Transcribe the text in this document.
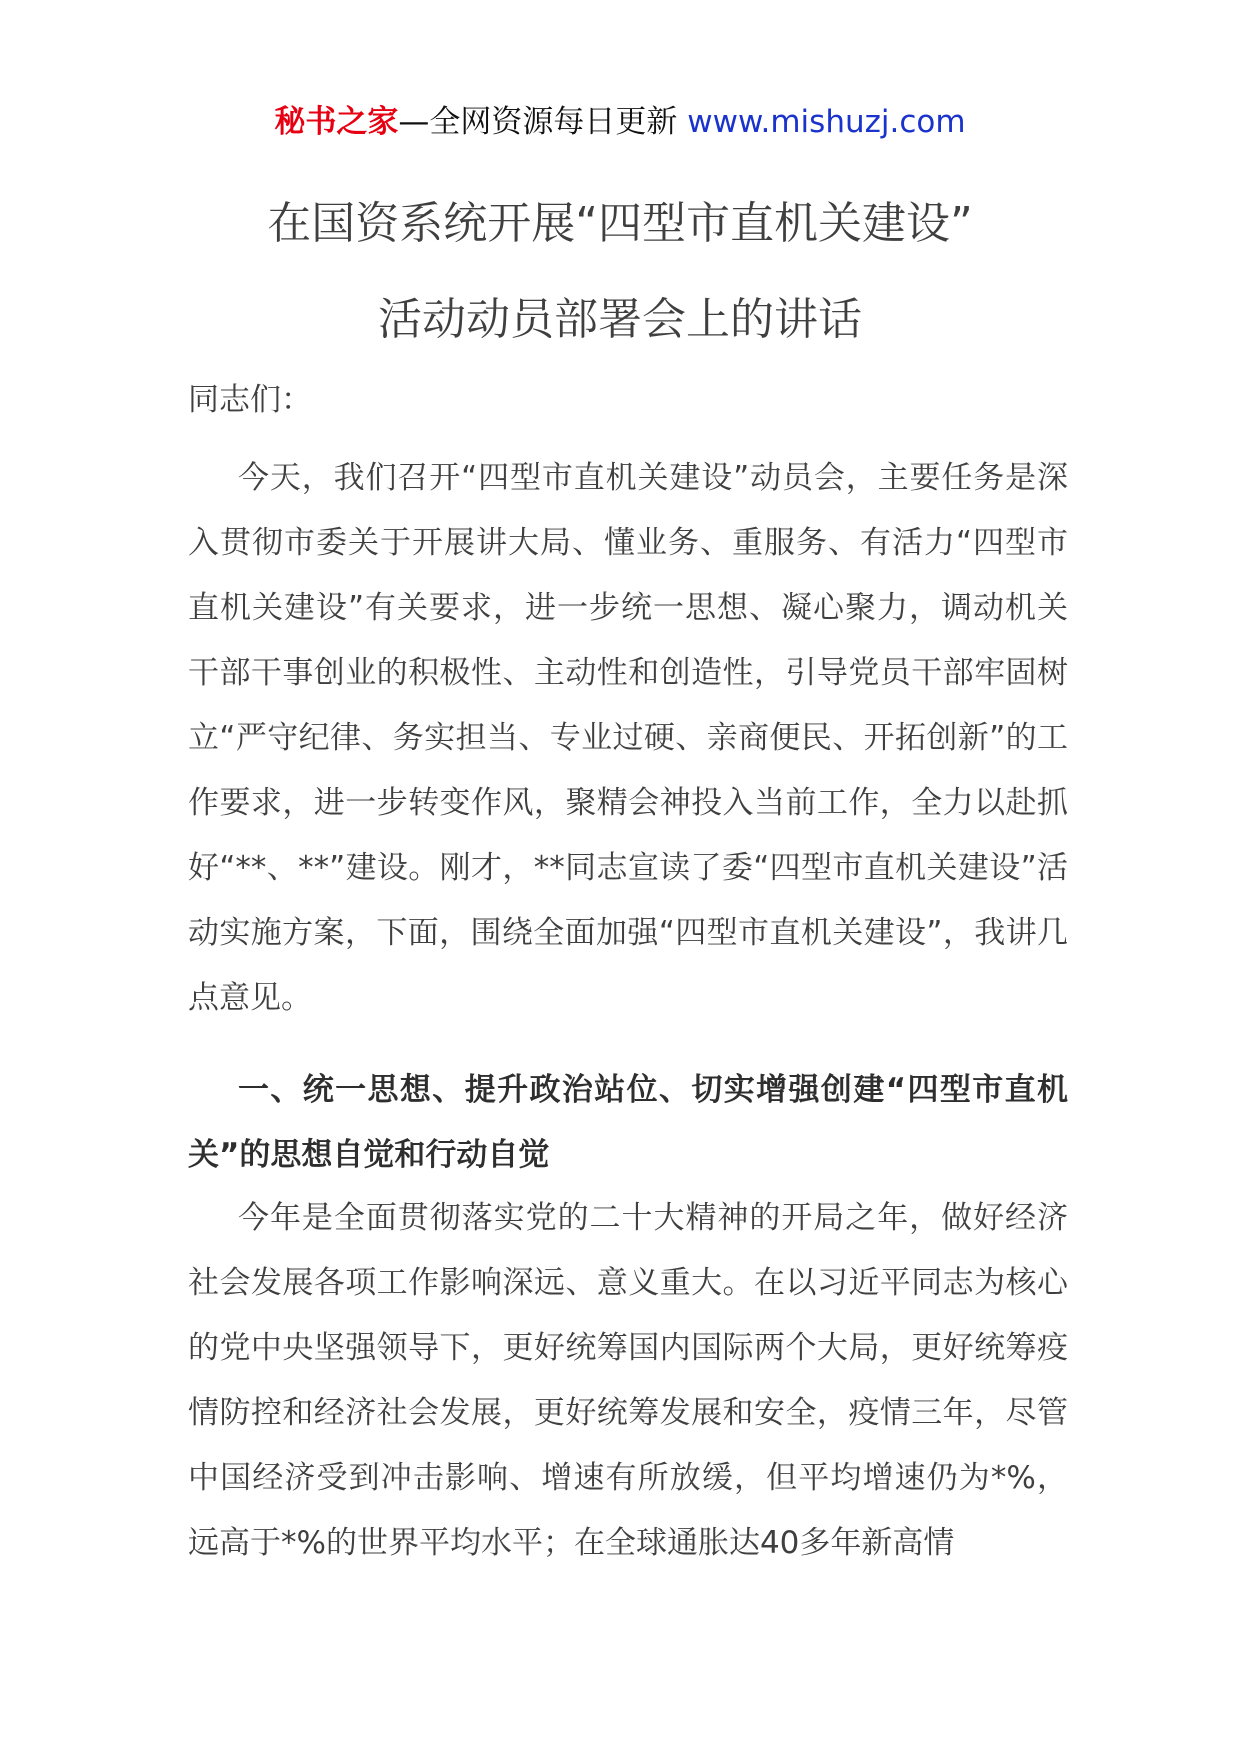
秘书之家—全网资源每日更新 www.mishuzj.com
在国资系统开展“四型市直机关建设”
活动动员部署会上的讲话
同志们：

今天，我们召开“四型市直机关建设”动员会，主要任务是深入贯彻市委关于开展讲大局、懂业务、重服务、有活力“四型市直机关建设”有关要求，进一步统一思想、凝心聚力，调动机关干部干事创业的积极性、主动性和创造性，引导党员干部牢固树立“严守纪律、务实担当、专业过硬、亲商便民、开拓创新”的工作要求，进一步转变作风，聚精会神投入当前工作，全力以赴抓好“**、**”建设。刚才，**同志宣读了委“四型市直机关建设”活动实施方案，下面，围绕全面加强“四型市直机关建设”，我讲几点意见。

一、统一思想、提升政治站位、切实增强创建“四型市直机关”的思想自觉和行动自觉

今年是全面贯彻落实党的二十大精神的开局之年，做好经济社会发展各项工作影响深远、意义重大。在以习近平同志为核心的党中央坚强领导下，更好统筹国内国际两个大局，更好统筹疫情防控和经济社会发展，更好统筹发展和安全，疫情三年，尽管中国经济受到冲击影响、增速有所放缓，但平均增速仍为*%，远高于*%的世界平均水平；在全球通胀达40多年新高情
